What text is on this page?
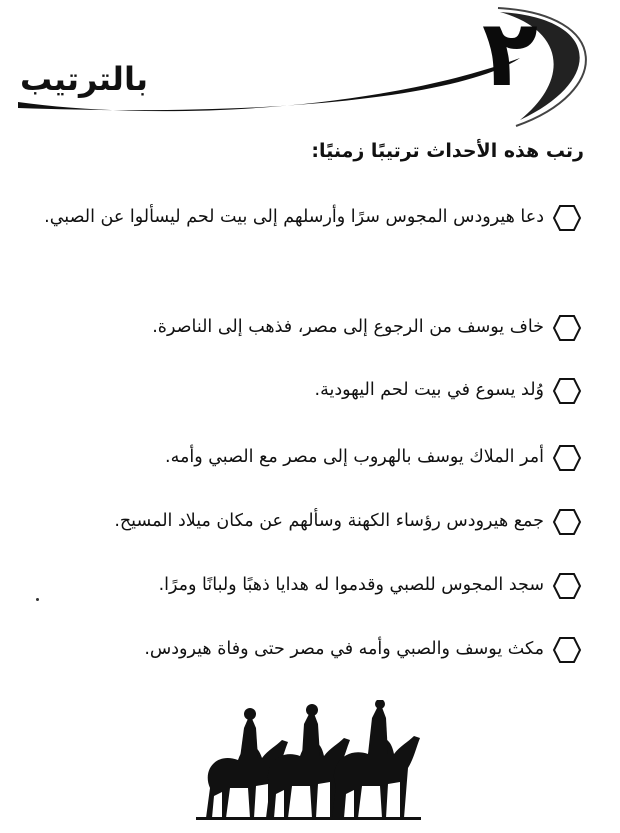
٢
بالترتيب
رتب هذه الأحداث ترتيبًا زمنيًا:
دعا هيرودس المجوس سرًا وأرسلهم إلى بيت لحم ليسألوا عن الصبي.
خاف يوسف من الرجوع إلى مصر، فذهب إلى الناصرة.
وُلد يسوع في بيت لحم اليهودية.
أمر الملاك يوسف بالهروب إلى مصر مع الصبي وأمه.
جمع هيرودس رؤساء الكهنة وسألهم عن مكان ميلاد المسيح.
سجد المجوس للصبي وقدموا له هدايا ذهبًا ولبانًا ومرًا.
مكث يوسف والصبي وأمه في مصر حتى وفاة هيرودس.
